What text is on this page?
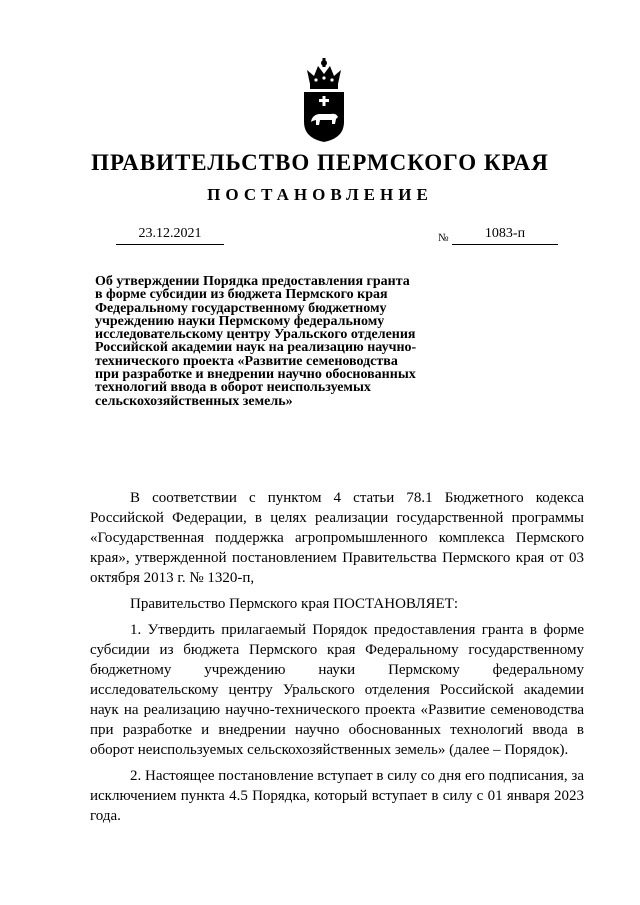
ПРАВИТЕЛЬСТВО ПЕРМСКОГО КРАЯ
ПОСТАНОВЛЕНИЕ
23.12.2021	№	1083-п
Об утверждении Порядка предоставления гранта
в форме субсидии из бюджета Пермского края
Федеральному государственному бюджетному
учреждению науки Пермскому федеральному
исследовательскому центру Уральского отделения
Российской академии наук на реализацию научно-
технического проекта «Развитие семеноводства
при разработке и внедрении научно обоснованных
технологий ввода в оборот неиспользуемых
сельскохозяйственных земель»

В соответствии с пунктом 4 статьи 78.1 Бюджетного кодекса Российской Федерации, в целях реализации государственной программы «Государственная поддержка агропромышленного комплекса Пермского края», утвержденной постановлением Правительства Пермского края от 03 октября 2013 г. № 1320-п,

Правительство Пермского края ПОСТАНОВЛЯЕТ:

1. Утвердить прилагаемый Порядок предоставления гранта в форме субсидии из бюджета Пермского края Федеральному государственному бюджетному учреждению науки Пермскому федеральному исследовательскому центру Уральского отделения Российской академии наук на реализацию научно-технического проекта «Развитие семеноводства при разработке и внедрении научно обоснованных технологий ввода в оборот неиспользуемых сельскохозяйственных земель» (далее – Порядок).

2. Настоящее постановление вступает в силу со дня его подписания, за исключением пункта 4.5 Порядка, который вступает в силу с 01 января 2023 года.
